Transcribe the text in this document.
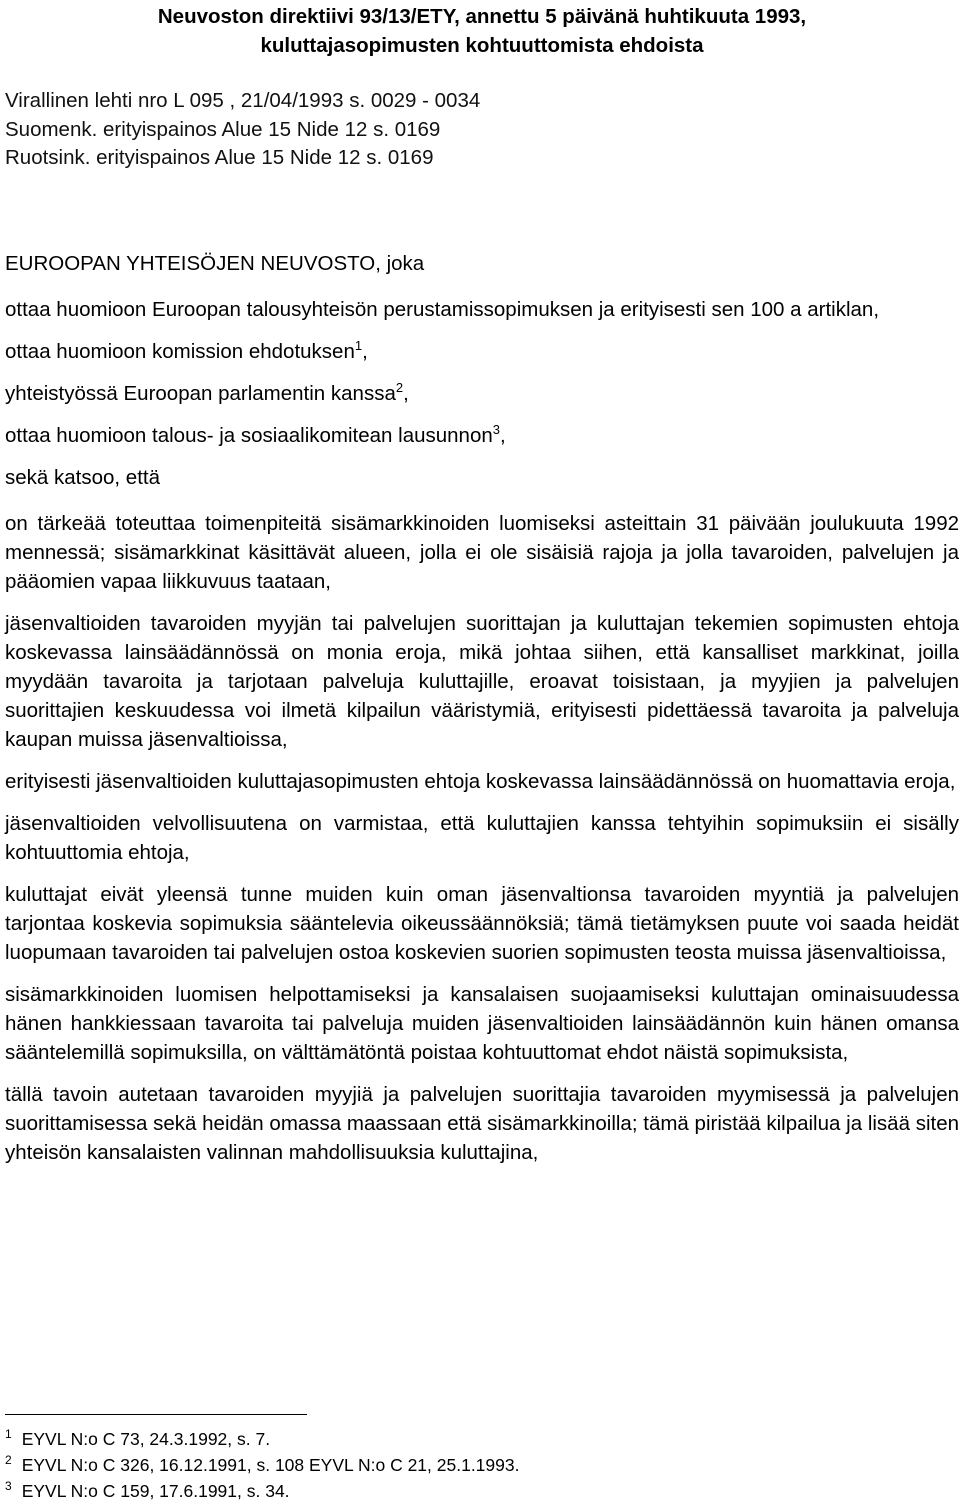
Neuvoston direktiivi 93/13/ETY, annettu 5 päivänä huhtikuuta 1993,
kuluttajasopimusten kohtuuttomista ehdoista
Virallinen lehti nro L 095 , 21/04/1993 s. 0029 - 0034
Suomenk. erityispainos Alue 15 Nide 12 s. 0169
Ruotsink. erityispainos Alue 15 Nide 12 s. 0169

EUROOPAN YHTEISÖJEN NEUVOSTO, joka

ottaa huomioon Euroopan talousyhteisön perustamissopimuksen ja erityisesti sen 100 a artiklan,

ottaa huomioon komission ehdotuksen$^1$,

yhteistyössä Euroopan parlamentin kanssa$^2$,

ottaa huomioon talous- ja sosiaalikomitean lausunnon$^3$,

sekä katsoo, että

on tärkeää toteuttaa toimenpiteitä sisämarkkinoiden luomiseksi asteittain 31 päivään joulukuuta 1992 mennessä; sisämarkkinat käsittävät alueen, jolla ei ole sisäisiä rajoja ja jolla tavaroiden, palvelujen ja pääomien vapaa liikkuvuus taataan,

jäsenvaltioiden tavaroiden myyjän tai palvelujen suorittajan ja kuluttajan tekemien sopimusten ehtoja koskevassa lainsäädännössä on monia eroja, mikä johtaa siihen, että kansalliset markkinat, joilla myydään tavaroita ja tarjotaan palveluja kuluttajille, eroavat toisistaan, ja myyjien ja palvelujen suorittajien keskuudessa voi ilmetä kilpailun vääristymiä, erityisesti pidettäessä tavaroita ja palveluja kaupan muissa jäsenvaltioissa,

erityisesti jäsenvaltioiden kuluttajasopimusten ehtoja koskevassa lainsäädännössä on huomattavia eroja,

jäsenvaltioiden velvollisuutena on varmistaa, että kuluttajien kanssa tehtyihin sopimuksiin ei sisälly kohtuuttomia ehtoja,

kuluttajat eivät yleensä tunne muiden kuin oman jäsenvaltionsa tavaroiden myyntiä ja palvelujen tarjontaa koskevia sopimuksia sääntelevia oikeussäännöksiä; tämä tietämyksen puute voi saada heidät luopumaan tavaroiden tai palvelujen ostoa koskevien suorien sopimusten teosta muissa jäsenvaltioissa,

sisämarkkinoiden luomisen helpottamiseksi ja kansalaisen suojaamiseksi kuluttajan ominaisuudessa hänen hankkiessaan tavaroita tai palveluja muiden jäsenvaltioiden lainsäädännön kuin hänen omansa sääntelemillä sopimuksilla, on välttämätöntä poistaa kohtuuttomat ehdot näistä sopimuksista,

tällä tavoin autetaan tavaroiden myyjiä ja palvelujen suorittajia tavaroiden myymisessä ja palvelujen suorittamisessa sekä heidän omassa maassaan että sisämarkkinoilla; tämä piristää kilpailua ja lisää siten yhteisön kansalaisten valinnan mahdollisuuksia kuluttajina,

$^1$ EYVL N:o C 73, 24.3.1992, s. 7.
$^2$ EYVL N:o C 326, 16.12.1991, s. 108 EYVL N:o C 21, 25.1.1993.
$^3$ EYVL N:o C 159, 17.6.1991, s. 34.
